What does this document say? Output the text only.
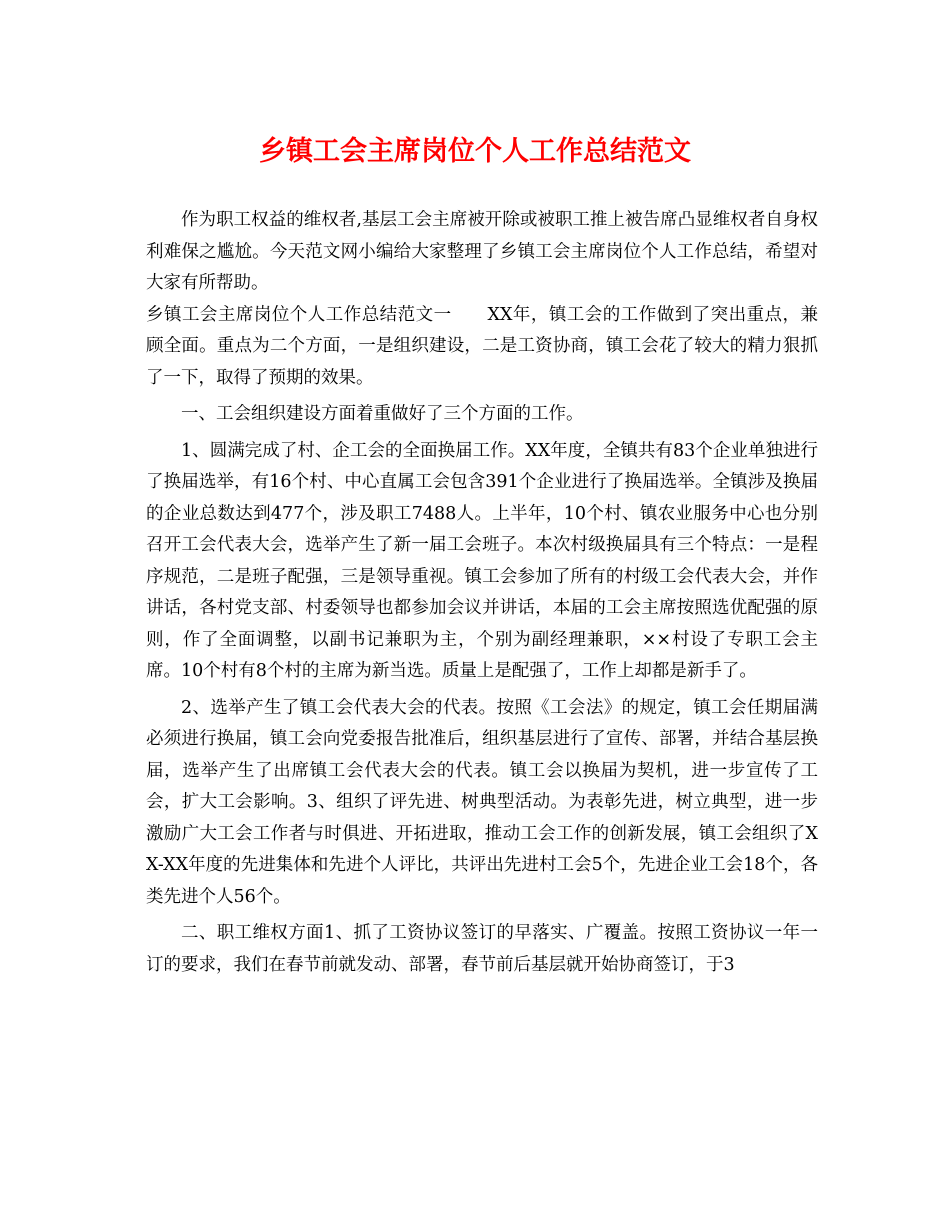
乡镇工会主席岗位个人工作总结范文

作为职工权益的维权者,基层工会主席被开除或被职工推上被告席凸显维权者自身权利难保之尴尬。今天范文网小编给大家整理了乡镇工会主席岗位个人工作总结，希望对大家有所帮助。

乡镇工会主席岗位个人工作总结范文一　　XX年，镇工会的工作做到了突出重点，兼顾全面。重点为二个方面，一是组织建设，二是工资协商，镇工会花了较大的精力狠抓了一下，取得了预期的效果。

一、工会组织建设方面着重做好了三个方面的工作。

1、圆满完成了村、企工会的全面换届工作。XX年度，全镇共有83个企业单独进行了换届选举，有16个村、中心直属工会包含391个企业进行了换届选举。全镇涉及换届的企业总数达到477个，涉及职工7488人。上半年，10个村、镇农业服务中心也分别召开工会代表大会，选举产生了新一届工会班子。本次村级换届具有三个特点：一是程序规范，二是班子配强，三是领导重视。镇工会参加了所有的村级工会代表大会，并作讲话，各村党支部、村委领导也都参加会议并讲话，本届的工会主席按照选优配强的原则，作了全面调整，以副书记兼职为主，个别为副经理兼职，××村设了专职工会主席。10个村有8个村的主席为新当选。质量上是配强了，工作上却都是新手了。

2、选举产生了镇工会代表大会的代表。按照《工会法》的规定，镇工会任期届满必须进行换届，镇工会向党委报告批准后，组织基层进行了宣传、部署，并结合基层换届，选举产生了出席镇工会代表大会的代表。镇工会以换届为契机，进一步宣传了工会，扩大工会影响。3、组织了评先进、树典型活动。为表彰先进，树立典型，进一步激励广大工会工作者与时俱进、开拓进取，推动工会工作的创新发展，镇工会组织了XX-XX年度的先进集体和先进个人评比，共评出先进村工会5个，先进企业工会18个，各类先进个人56个。

二、职工维权方面1、抓了工资协议签订的早落实、广覆盖。按照工资协议一年一订的要求，我们在春节前就发动、部署，春节前后基层就开始协商签订，于3
